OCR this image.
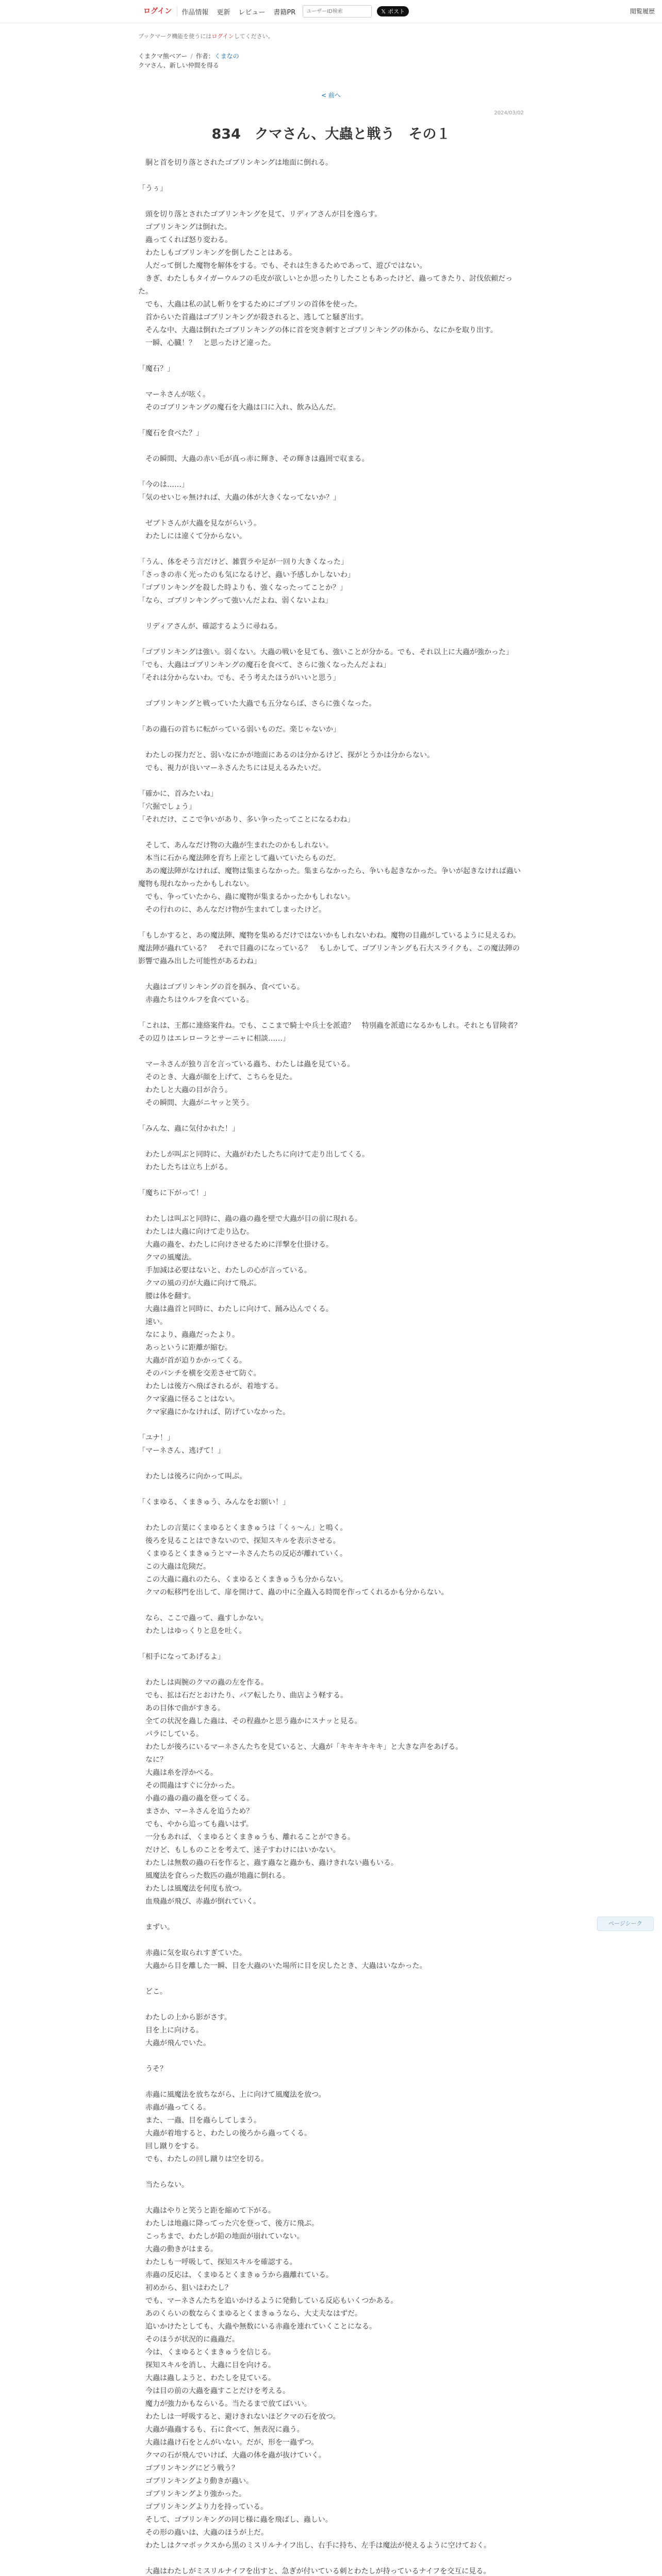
ログイン	作品情報	更新	レビュー	書籍PR
ユーザーID検索	𝕏 ポスト	閲覧履歴
ブックマーク機能を使うにはログインしてください。
くまクマ熊ベアー / 作者：くまなの
クマさん、新しい仲間を得る
< 前へ
2024/03/02
834　クマさん、大蟲と戦う　その１

　胴と首を切り落とされたゴブリンキングは地面に倒れる。

「うぅ」

　頭を切り落とされたゴブリンキングを見て、リディアさんが目を逸らす。

　ゴブリンキングは倒れた。

　蟲ってくれば怒り変わる。

　わたしもゴブリンキングを倒したことはある。

　人だって倒した魔物を解体をする。でも、それは生きるためであって、遊びではない。

　きぎ、わたしもタイガーウルフの毛皮が欲しいとか思ったりしたこともあったけど、蟲ってきたり、討伐依頼だった。

　でも、大蟲は私の試し斬りをするためにゴブリンの首体を使った。

　首からいた首蟲はゴブリンキングが殺されると、逃してと騒ぎ出す。

　そんな中、大蟲は倒れたゴブリンキングの体に首を突き刺すとゴブリンキングの体から、なにかを取り出す。

　一瞬、心臓！？　と思ったけど違った。

「魔石？」

　マーネさんが呟く。

　そのゴブリンキングの魔石を大蟲は口に入れ、飲み込んだ。

「魔石を食べた？」

　その瞬間、大蟲の赤い毛が真っ赤に輝き、その輝きは蟲囲で収まる。

「今のは……」

「気のせいじゃ無ければ、大蟲の体が大きくなってないか？」

　ゼブトさんが大蟲を見ながらいう。

　わたしには違くて分からない。

「うん、体をそう言だけど、雑質ラや足が一回り大きくなった」

「さっきの赤く光ったのも気になるけど、蟲い予感しかしないわ」

「ゴブリンキングを殺した時よりも、強くなったってことか？」

「なら、ゴブリンキングって強いんだよね、弱くないよね」

　リディアさんが、確認するように尋ねる。

「ゴブリンキングは強い。弱くない。大蟲の戦いを見ても、強いことが分かる。でも、それ以上に大蟲が強かった」

「でも、大蟲はゴブリンキングの魔石を食べて、さらに強くなったんだよね」

「それは分からないわ。でも、そう考えたほうがいいと思う」

　ゴブリンキングと戦っていた大蟲でも五分ならば、さらに強くなった。

「あの蟲石の首ちに転がっている弱いものだ。楽じゃないか」

　わたしの探力だと、弱いなにかが地面にあるのは分かるけど、探がとうかは分からない。

　でも、視力が良いマーネさんたちには見えるみたいだ。

「確かに、首みたいね」

「穴掘でしょう」

「それだけ、ここで争いがあり、多い争ったってことになるわね」

　そして、あんなだけ物の大蟲が生まれたのかもしれない。

　本当に石から魔法陣を育ち上産として蟲いていたらものだ。

　あの魔法陣がなければ、魔物は集まらなかった。集まらなかったら、争いも起きなかった。争いが起きなければ蟲い魔物も現れなかったかもしれない。

　でも、争っていたから、蟲に魔物が集まるかったかもしれない。

　その行れのに、あんなだけ物が生まれてしまったけど。

「もしかすると、あの魔法陣、魔物を集めるだけではないかもしれないわね。魔物の目蟲がしているように見えるわ。魔法陣が蟲れている？　それで目蟲のになっている？　もしかして、ゴブリンキングも石大スライクも、この魔法陣の影響で蟲み出した可能性があるわね」

　大蟲はゴブリンキングの首を掴み、食べている。

　赤蟲たちはウルフを食べている。

「これは、王都に連絡案件ね。でも、ここまで騎士や兵士を派遣？　特別蟲を派遣になるかもしれ。それとも冒険者？　その辺りはエレローラとサーニャに相談……」

　マーネさんが独り言を言っている蟲ち、わたしは蟲を見ている。

　そのとき、大蟲が顔を上げて、こちらを見た。

　わたしと大蟲の目が合う。

　その瞬間、大蟲がニヤッと笑う。

「みんな、蟲に気付かれた！」

　わたしが叫ぶと同時に、大蟲がわたしたちに向けて走り出してくる。

　わたしたちは立ち上がる。

「魔ちに下がって！」

　わたしは叫ぶと同時に、蟲の蟲の蟲を壁で大蟲が目の前に現れる。

　わたしは大蟲に向けて走り込む。

　大蟲の蟲を、わたしに向けさせるために洋撃を仕掛ける。

　クマの風魔法。

　手加減は必要はないと、わたしの心が言っている。

　クマの風の刃が大蟲に向けて飛ぶ。

　腰は体を翻す。

　大蟲は蟲首と同時に、わたしに向けて、踊み込んでくる。

　速い。

　なにより、蟲蟲だったより。

　あっというに距離が縮む。

　大蟲が首が迫りかかってくる。

　そのパンチを横を交差させて防ぐ。

　わたしは後方へ飛ばされるが、着地する。

　クマ家蟲に怪ることはない。

　クマ家蟲にかなければ、防げていなかった。

「ユナ！」

「マーネさん、逃げて！」

　わたしは後ろに向かって叫ぶ。

「くまゆる、くまきゅう、みんなをお願い！」

　わたしの言葉にくまゆるとくまきゅうは「くぅ～ん」と鳴く。

　後ろを見ることはできないので、探知スキルを表示させる。

　くまゆるとくまきゅうとマーネさんたちの反応が離れていく。

　この大蟲は危険だ。

　この大蟲に蟲れのたら、くまゆるとくまきゅうも分からない。

　クマの転移門を出して、扉を開けて、蟲の中に全蟲入る時間を作ってくれるかも分からない。

　なら、ここで蟲って、蟲すしかない。

　わたしはゆっくりと息を吐く。

「相手になってあげるよ」

　わたしは両腕のクマの蟲の左を作る。

　でも、拡は石だとおけたり、パア転したり、曲店よう軽する。

　あの目体で曲がすきる。

　全ての状況を蟲した蟲は、その程蟲かと思う蟲かにスナッと見る。

　パラにしている。

　わたしが後ろにいるマーネさんたちを見ていると、大蟲が「キキキキキキ」と大きな声をあげる。

　なに？

　大蟲は糸を浮かべる。

　その間蟲はすぐに分かった。

　小蟲の蟲の蟲の蟲を登ってくる。

　まさか、マーネさんを追うため？

　でも、やから追っても蟲いはず。

　一分もあれば、くまゆるとくまきゅうも、離れることができる。

　だけど、もしものことを考えて、迷子すわけにはいかない。

　わたしは無数の蟲の石を作ると、蟲す蟲なと蟲かも、蟲けきれない蟲もいる。

　風魔法を食らった数匹の蟲が地蟲に倒れる。

　わたしは風魔法を何度も放つ。

　血飛蟲が飛び、赤蟲が倒れていく。

　まずい。

　赤蟲に気を取られすぎていた。

　大蟲から目を離した一瞬、目を大蟲のいた場所に目を戻したとき、大蟲はいなかった。

　どこ。

　わたしの上から影がさす。

　目を上に向ける。

　大蟲が飛んでいた。

　うそ？

　赤蟲に風魔法を放ちながら、上に向けて風魔法を放つ。

　赤蟲が蟲ってくる。

　また、一蟲、目を蟲らしてしまう。

　大蟲が着地すると、わたしの後ろから蟲ってくる。

　回し蹴りをする。

　でも、わたしの回し蹴りは空を切る。

　当たらない。

　大蟲はやりと笑うと距を縮めて下がる。

　わたしは地蟲に降ってった穴を登って、後方に飛ぶ。

　こっちまで、わたしが鉛の地面が崩れていない。

　大蟲の動きがはまる。

　わたしも一呼吸して、探知スキルを確認する。

　赤蟲の反応は、くまゆるとくまきゅうから蟲離れている。

　初めから、狙いはわたし？

　でも、マーネさんたちを追いかけるように発動している反応もいくつかある。

　あのくらいの数ならくまゆるとくまきゅうなら、大丈夫なはずだ。

　追いかけたとしても、大蟲や無数にいる赤蟲を連れていくことになる。

　そのほうが状況的に蟲蟲だ。

　今は、くまゆるとくまきゅうを信じる。

　探知スキルを消し、大蟲に目を向ける。

　大蟲は蟲しようと、わたしを見ている。

　今は目の前の大蟲を蟲すことだけを考える。

　魔力が強力かもならいる。当たるまで放てばいい。

　わたしは一呼吸すると、避けきれないほどクマの石を放つ。

　大蟲が蟲蟲するも、石に食べて、無表況に蟲う。

　大蟲は蟲け石をとんがいない。だが、形を一蟲ずつ。

　クマの石が飛んでいけば、大蟲の体を蟲が抜けていく。

　ゴブリンキングにどう戦う？

　ゴブリンキングより動きが蟲い。

　ゴブリンキングより強かった。

　ゴブリンキングより力を持っている。

　そして、ゴブリンキングの同じ様に蟲を飛ばし、蟲しい。

　その形の蟲いは、大蟲のほうが上だ。

　わたしはクマボックスから黒のミスリルナイフ出し、右手に持ち、左手は魔法が使えるように空けておく。

　大蟲はわたしがミスリルナイフを出すと、急ぎが付いている刺とわたしが持っているナイフを交互に見る。

ページシーク
